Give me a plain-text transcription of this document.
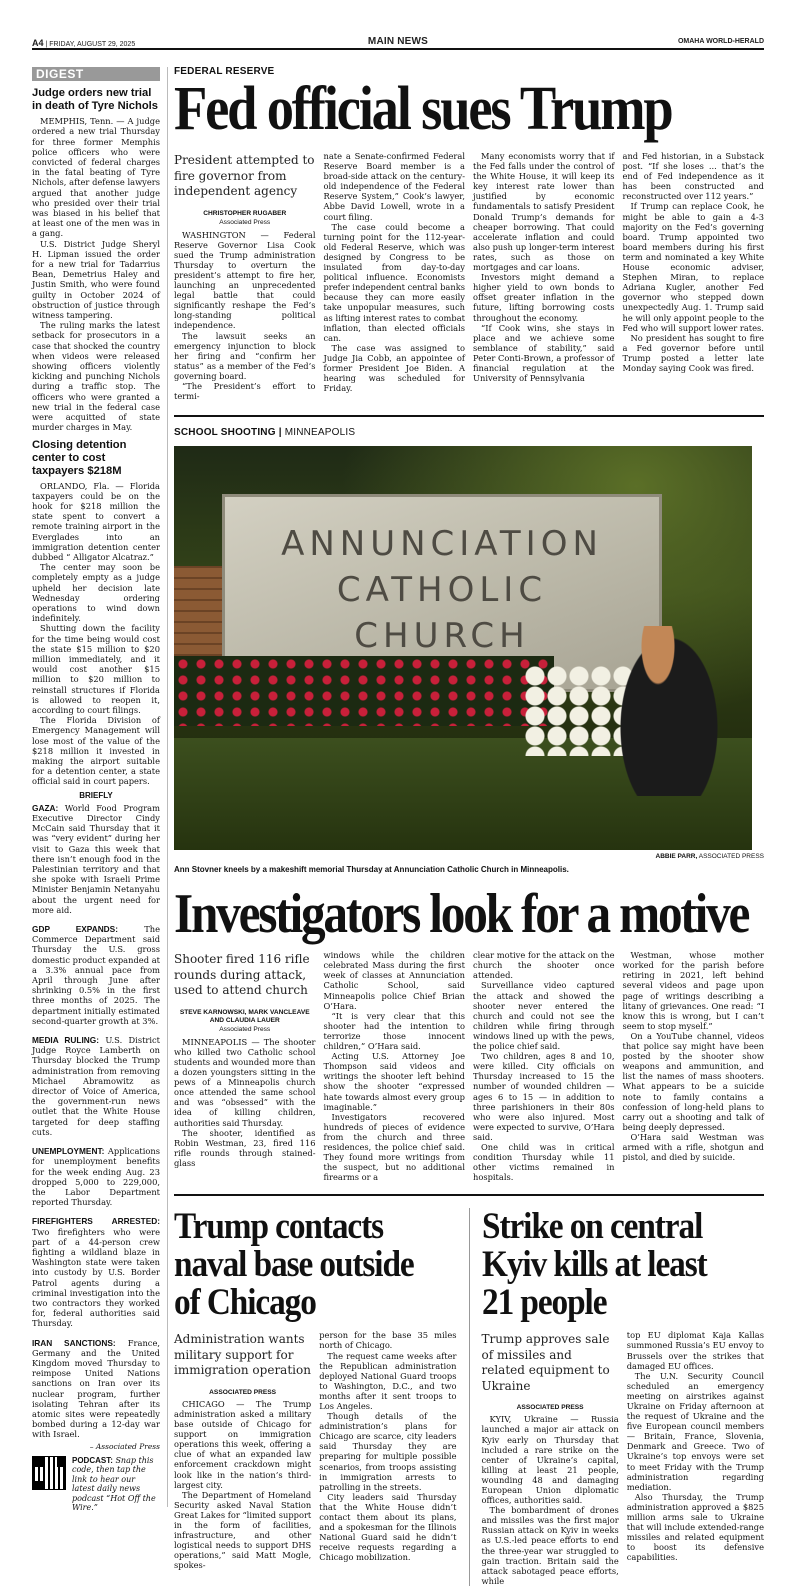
A4 | FRIDAY, AUGUST 29, 2025	MAIN NEWS	OMAHA WORLD-HERALD
DIGEST
Judge orders new trial in death of Tyre Nichols

MEMPHIS, Tenn. — A judge ordered a new trial Thursday for three former Memphis police officers who were convicted of federal charges in the fatal beating of Tyre Nichols, after defense lawyers argued that another judge who presided over their trial was biased in his belief that at least one of the men was in a gang.

U.S. District Judge Sheryl H. Lipman issued the order for a new trial for Tadarrius Bean, Demetrius Haley and Justin Smith, who were found guilty in October 2024 of obstruction of justice through witness tampering.

The ruling marks the latest setback for prosecutors in a case that shocked the country when videos were released showing officers violently kicking and punching Nichols during a traffic stop. The officers who were granted a new trial in the federal case were acquitted of state murder charges in May.

Closing detention center to cost taxpayers $218M

ORLANDO, Fla. — Florida taxpayers could be on the hook for $218 million the state spent to convert a remote training airport in the Everglades into an immigration detention center dubbed “ Alligator Alcatraz.”

The center may soon be completely empty as a judge upheld her decision late Wednesday ordering operations to wind down indefinitely.

Shutting down the facility for the time being would cost the state $15 million to $20 million immediately, and it would cost another $15 million to $20 million to reinstall structures if Florida is allowed to reopen it, according to court filings.

The Florida Division of Emergency Management will lose most of the value of the $218 million it invested in making the airport suitable for a detention center, a state official said in court papers.

BRIEFLY

GAZA: World Food Program Executive Director Cindy McCain said Thursday that it was “very evident” during her visit to Gaza this week that there isn’t enough food in the Palestinian territory and that she spoke with Israeli Prime Minister Benjamin Netanyahu about the urgent need for more aid.

GDP EXPANDS:	The Commerce Department said Thursday the U.S. gross domestic product expanded at a 3.3% annual pace from April through June after shrinking 0.5% in the first three months of 2025. The department initially estimated second-quarter growth at 3%.

MEDIA RULING: U.S. District Judge Royce Lamberth on Thursday blocked the Trump administration from removing Michael Abramowitz as director of Voice of America, the government-run news outlet that the White House targeted for deep staffing cuts.

UNEMPLOYMENT: Applications for unemployment benefits for the week ending Aug. 23 dropped 5,000 to 229,000, the Labor Department reported Thursday.

FIREFIGHTERS ARRESTED: Two firefighters who were part of a 44-person crew fighting a wildland blaze in Washington state were taken into custody by U.S. Border Patrol agents during a criminal investigation into the two contractors they worked for, federal authorities said Thursday.

IRAN SANCTIONS: France, Germany and the United Kingdom moved Thursday to reimpose United Nations sanctions on Iran over its nuclear program, further isolating Tehran after its atomic sites were repeatedly bombed during a 12-day war with Israel.

– Associated Press
PODCAST: Snap this code, then tap the link to hear our latest daily news podcast “Hot Off the Wire.”
FEDERAL RESERVE
Fed official sues Trump
President attempted to fire governor from independent agency
CHRISTOPHER RUGABER
Associated Press

WASHINGTON — Federal Reserve Governor Lisa Cook sued the Trump administration Thursday to overturn the president’s attempt to fire her, launching an unprecedented legal battle that could significantly reshape the Fed’s long-standing political independence.

The lawsuit seeks an emergency injunction to block her firing and “confirm her status” as a member of the Fed’s governing board.

“The President’s effort to termi-

nate a Senate-confirmed Federal Reserve Board member is a broad-side attack on the century-old independence of the Federal Reserve System,” Cook’s lawyer, Abbe David Lowell, wrote in a court filing.

The case could become a turning point for the 112-year-old Federal Reserve, which was designed by Congress to be insulated from day-to-day political influence. Economists prefer independent central banks because they can more easily take unpopular measures, such as lifting interest rates to combat inflation, than elected officials can.

The case was assigned to Judge Jia Cobb, an appointee of former President Joe Biden. A hearing was scheduled for Friday.

Many economists worry that if the Fed falls under the control of the White House, it will keep its key interest rate lower than justified by economic fundamentals to satisfy President Donald Trump’s demands for cheaper borrowing. That could accelerate inflation and could also push up longer-term interest rates, such as those on mortgages and car loans.

Investors might demand a higher yield to own bonds to offset greater inflation in the future, lifting borrowing costs throughout the economy.

“If Cook wins, she stays in place and we achieve some semblance of stability,” said Peter Conti-Brown, a professor of financial regulation at the University of Pennsylvania

and Fed historian, in a Substack post. “If she loses ... that’s the end of Fed independence as it has been constructed and reconstructed over 112 years.”

If Trump can replace Cook, he might be able to gain a 4-3 majority on the Fed’s governing board. Trump appointed two board members during his first term and nominated a key White House economic adviser, Stephen Miran, to replace Adriana Kugler, another Fed governor who stepped down unexpectedly Aug. 1. Trump said he will only appoint people to the Fed who will support lower rates.

No president has sought to fire a Fed governor before until Trump posted a letter late Monday saying Cook was fired.

SCHOOL SHOOTING | MINNEAPOLIS
ANNUNCIATION
CATHOLIC
CHURCH
ABBIE PARR, ASSOCIATED PRESS
Ann Stovner kneels by a makeshift memorial Thursday at Annunciation Catholic Church in Minneapolis.
Investigators look for a motive
Shooter fired 116 rifle rounds during attack, used to attend church
STEVE KARNOWSKI, MARK VANCLEAVE AND CLAUDIA LAUER
Associated Press

MINNEAPOLIS — The shooter who killed two Catholic school students and wounded more than a dozen youngsters sitting in the pews of a Minneapolis church once attended the same school and was “obsessed” with the idea of killing children, authorities said Thursday.

The shooter, identified as Robin Westman, 23, fired 116 rifle rounds through stained-glass

windows while the children celebrated Mass during the first week of classes at Annunciation Catholic School, said Minneapolis police Chief Brian O’Hara.

“It is very clear that this shooter had the intention to terrorize those innocent children,” O’Hara said.

Acting U.S. Attorney Joe Thompson said videos and writings the shooter left behind show the shooter “expressed hate towards almost every group imaginable.”

Investigators recovered hundreds of pieces of evidence from the church and three residences, the police chief said. They found more writings from the suspect, but no additional firearms or a

clear motive for the attack on the church the shooter once attended.

Surveillance video captured the attack and showed the shooter never entered the church and could not see the children while firing through windows lined up with the pews, the police chief said.

Two children, ages 8 and 10, were killed. City officials on Thursday increased to 15 the number of wounded children — ages 6 to 15 — in addition to three parishioners in their 80s who were also injured. Most were expected to survive, O’Hara said.

One child was in critical condition Thursday while 11 other victims remained in hospitals.

Westman, whose mother worked for the parish before retiring in 2021, left behind several videos and page upon page of writings describing a litany of grievances. One read: “I know this is wrong, but I can’t seem to stop myself.”

On a YouTube channel, videos that police say might have been posted by the shooter show weapons and ammunition, and list the names of mass shooters. What appears to be a suicide note to family contains a confession of long-held plans to carry out a shooting and talk of being deeply depressed.

O’Hara said Westman was armed with a rifle, shotgun and pistol, and died by suicide.

Trump contacts naval base outside of Chicago
Administration wants military support for immigration operation
ASSOCIATED PRESS

CHICAGO — The Trump administration asked a military base outside of Chicago for support on immigration operations this week, offering a clue of what an expanded law enforcement crackdown might look like in the nation’s third-largest city.

The Department of Homeland Security asked Naval Station Great Lakes for “limited support in the form of facilities, infrastructure, and other logistical needs to support DHS operations,” said Matt Mogle, spokes-

person for the base 35 miles north of Chicago.

The request came weeks after the Republican administration deployed National Guard troops to Washington, D.C., and two months after it sent troops to Los Angeles.

Though details of the administration’s plans for Chicago are scarce, city leaders said Thursday they are preparing for multiple possible scenarios, from troops assisting in immigration arrests to patrolling in the streets.

City leaders said Thursday that the White House didn’t contact them about its plans, and a spokesman for the Illinois National Guard said he didn’t receive requests regarding a Chicago mobilization.

Strike on central Kyiv kills at least 21 people
Trump approves sale of missiles and related equipment to Ukraine
ASSOCIATED PRESS

KYIV, Ukraine — Russia launched a major air attack on Kyiv early on Thursday that included a rare strike on the center of Ukraine’s capital, killing at least 21 people, wounding 48 and damaging European Union diplomatic offices, authorities said.

The bombardment of drones and missiles was the first major Russian attack on Kyiv in weeks as U.S.-led peace efforts to end the three-year war struggled to gain traction. Britain said the attack sabotaged peace efforts, while

top EU diplomat Kaja Kallas summoned Russia’s EU envoy to Brussels over the strikes that damaged EU offices.

The U.N. Security Council scheduled an emergency meeting on airstrikes against Ukraine on Friday afternoon at the request of Ukraine and the five European council members — Britain, France, Slovenia, Denmark and Greece. Two of Ukraine’s top envoys were set to meet Friday with the Trump administration regarding mediation.

Also Thursday, the Trump administration approved a $825 million arms sale to Ukraine that will include extended-range missiles and related equipment to boost its defensive capabilities.
